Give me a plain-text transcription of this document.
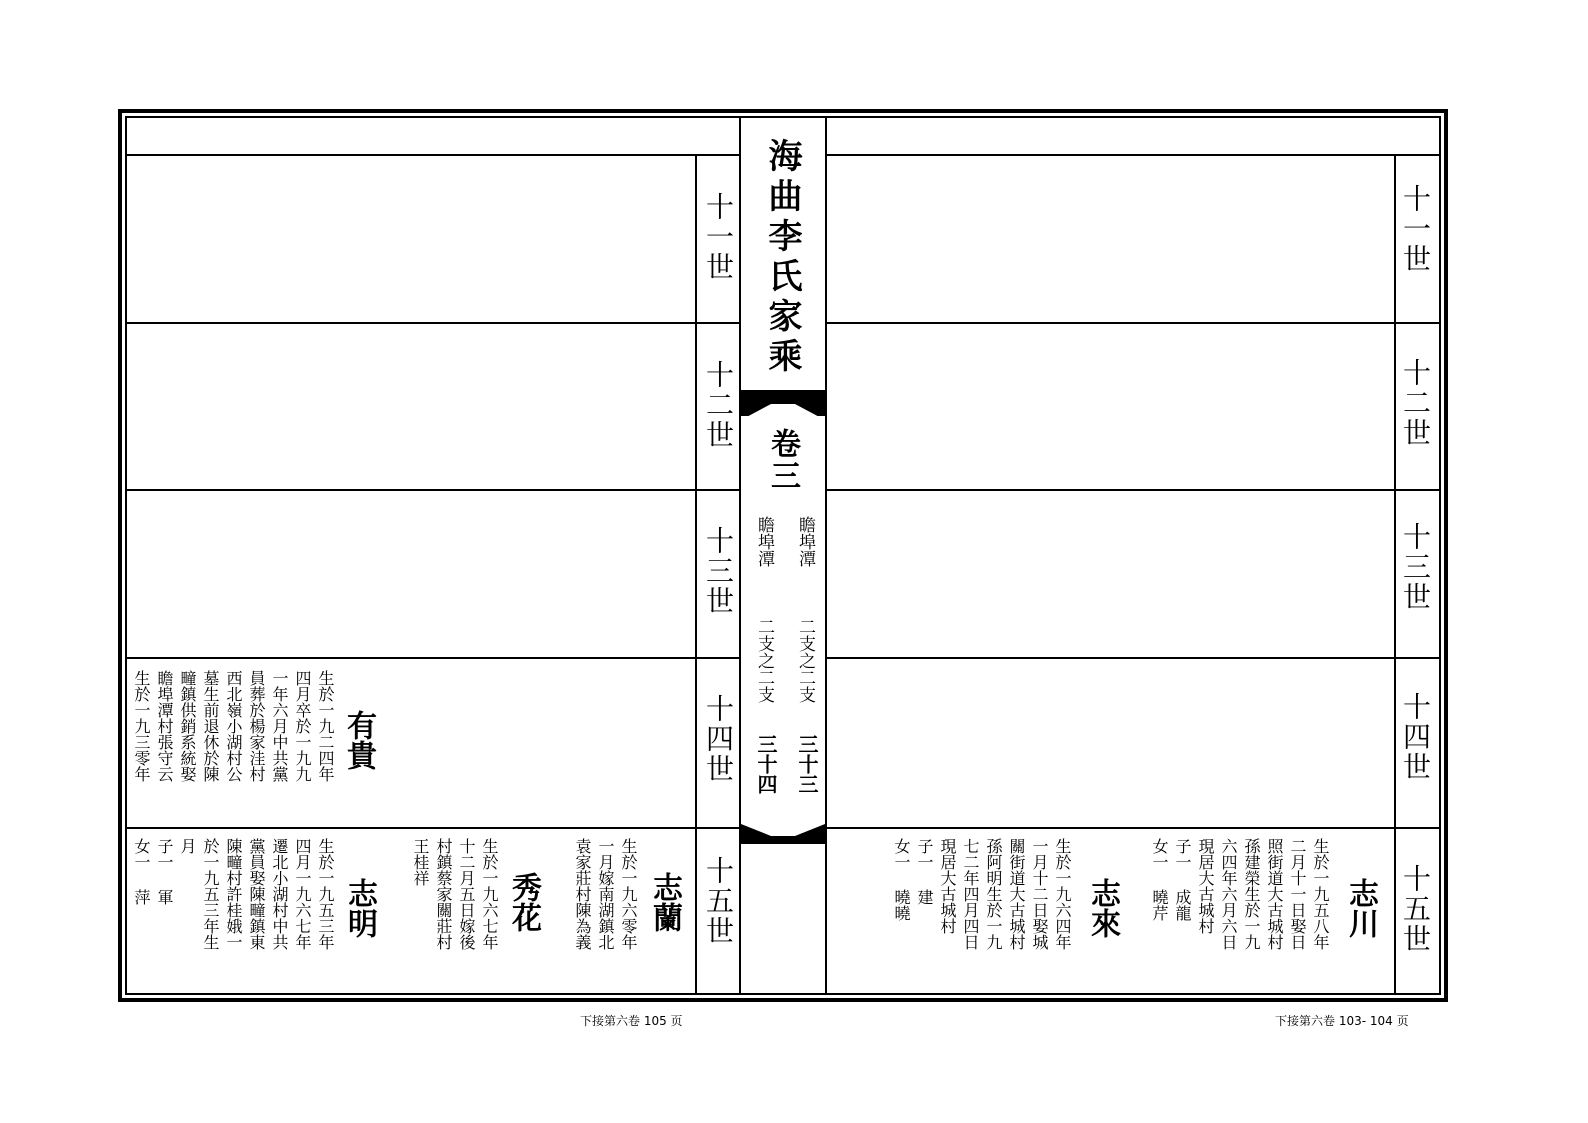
十一世
十二世
十三世
十四世
十五世
十一世
十二世
十三世
十四世
十五世
海曲李氏家乘
卷三
瞻埠潭
二支之二支
三十三
瞻埠潭
二支之二支
三十四
有貴
生於一九二四年
四月卒於一九九
一年六月中共黨
員葬於楊家洼村
西北嶺小湖村公
墓生前退休於陳
疃鎮供銷系統娶
瞻埠潭村張守云
生於一九三零年
志蘭
生於一九六零年
一月嫁南湖鎮北
袁家莊村陳為義
秀花
生於一九六七年
十二月五日嫁後
村鎮蔡家關莊村
王桂祥
志明
生於一九五三年
四月一九六七年
遷北小湖村中共
黨員娶陳疃鎮東
陳疃村許桂娥一
於一九五三年生
月
子一 軍
女一 萍
志川
生於一九五八年
二月十一日娶日
照街道大古城村
孫建榮生於一九
六四年六月六日
現居大古城村
子一 成龍
女一 曉芹
志來
生於一九六四年
一月十二日娶城
關街道大古城村
孫阿明生於一九
七二年四月四日
現居大古城村
子一 建
女一 曉曉
下接第六卷 105 页	下接第六卷 103- 104 页
